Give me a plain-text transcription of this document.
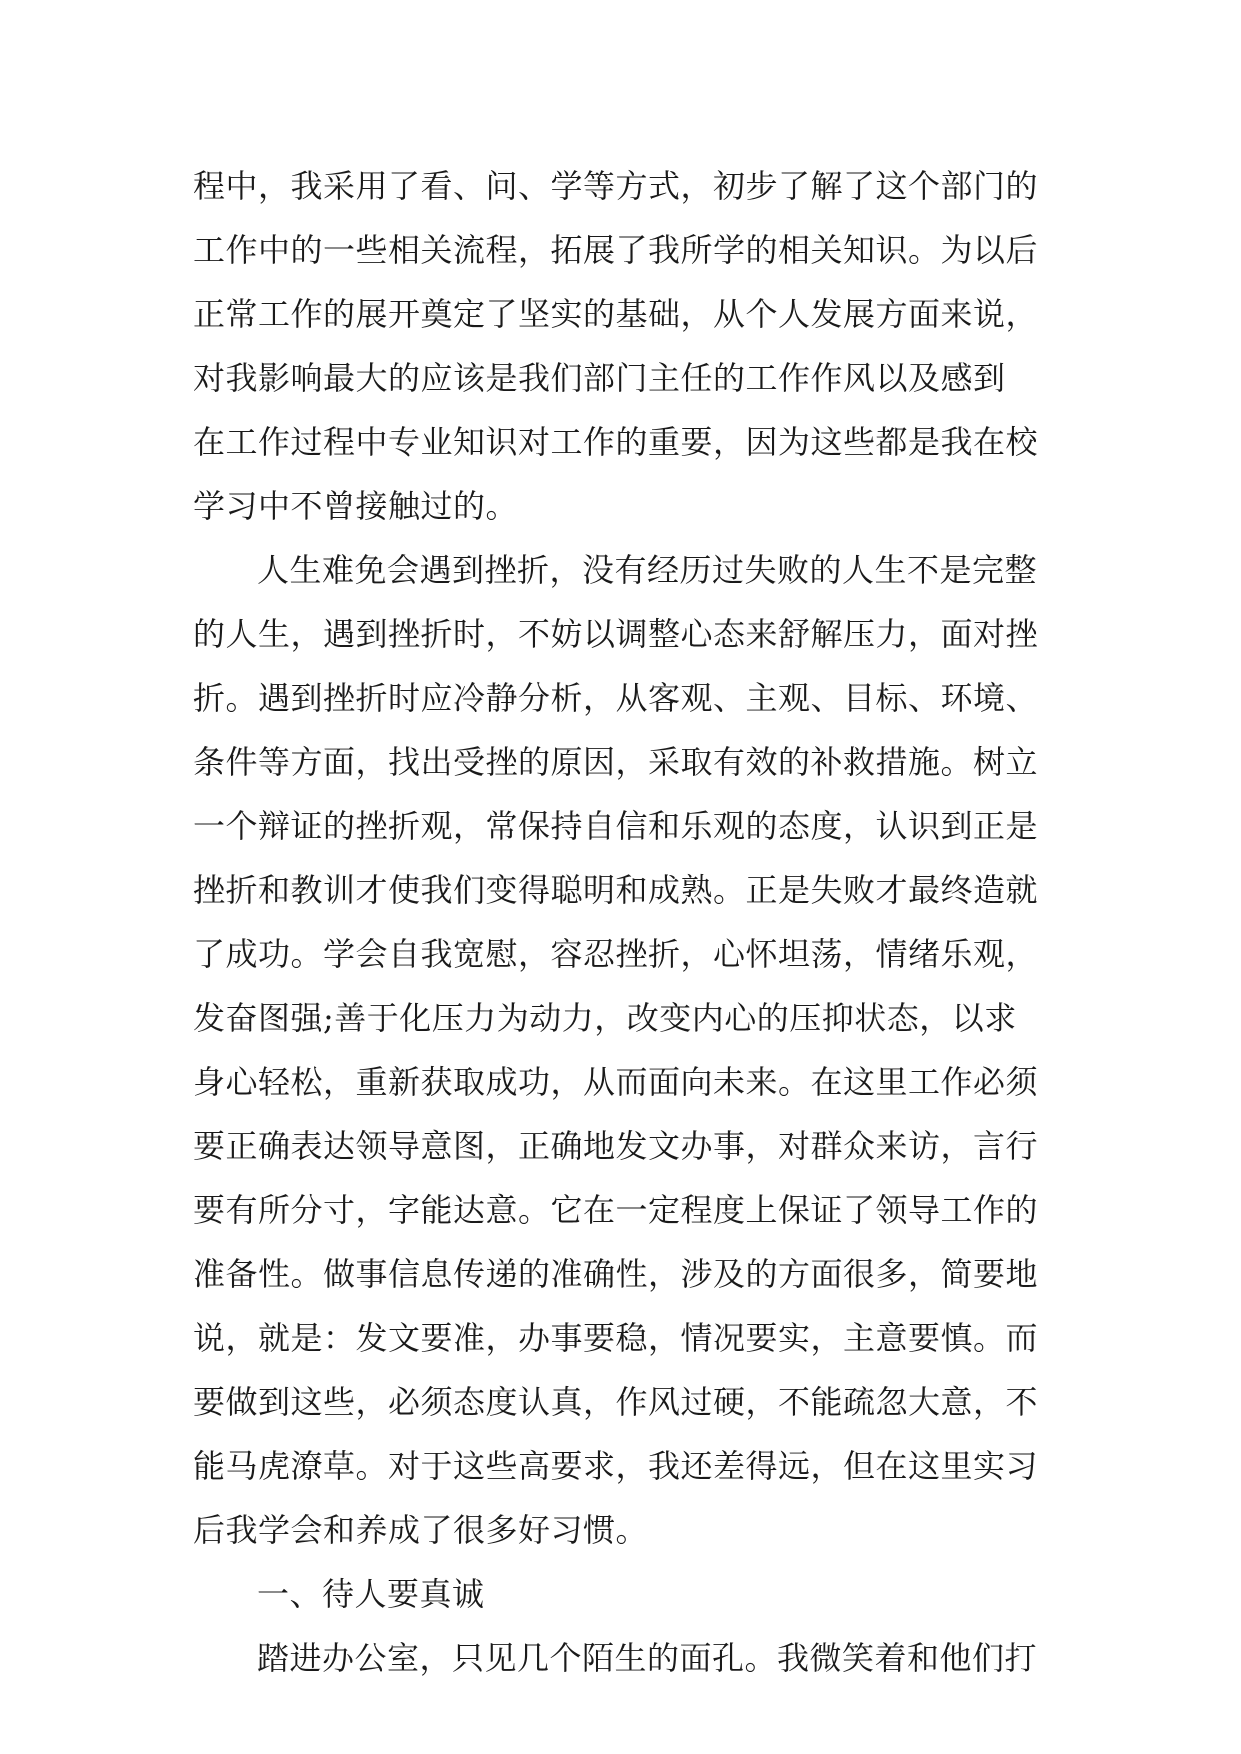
程中，我采用了看、问、学等方式，初步了解了这个部门的
工作中的一些相关流程，拓展了我所学的相关知识。为以后
正常工作的展开奠定了坚实的基础，从个人发展方面来说，
对我影响最大的应该是我们部门主任的工作作风以及感到
在工作过程中专业知识对工作的重要，因为这些都是我在校
学习中不曾接触过的。
人生难免会遇到挫折，没有经历过失败的人生不是完整
的人生，遇到挫折时，不妨以调整心态来舒解压力，面对挫
折。遇到挫折时应冷静分析，从客观、主观、目标、环境、
条件等方面，找出受挫的原因，采取有效的补救措施。树立
一个辩证的挫折观，常保持自信和乐观的态度，认识到正是
挫折和教训才使我们变得聪明和成熟。正是失败才最终造就
了成功。学会自我宽慰，容忍挫折，心怀坦荡，情绪乐观，
发奋图强;善于化压力为动力，改变内心的压抑状态，以求
身心轻松，重新获取成功，从而面向未来。在这里工作必须
要正确表达领导意图，正确地发文办事，对群众来访，言行
要有所分寸，字能达意。它在一定程度上保证了领导工作的
准备性。做事信息传递的准确性，涉及的方面很多，简要地
说，就是：发文要准，办事要稳，情况要实，主意要慎。而
要做到这些，必须态度认真，作风过硬，不能疏忽大意，不
能马虎潦草。对于这些高要求，我还差得远，但在这里实习
后我学会和养成了很多好习惯。
一、待人要真诚
踏进办公室，只见几个陌生的面孔。我微笑着和他们打
